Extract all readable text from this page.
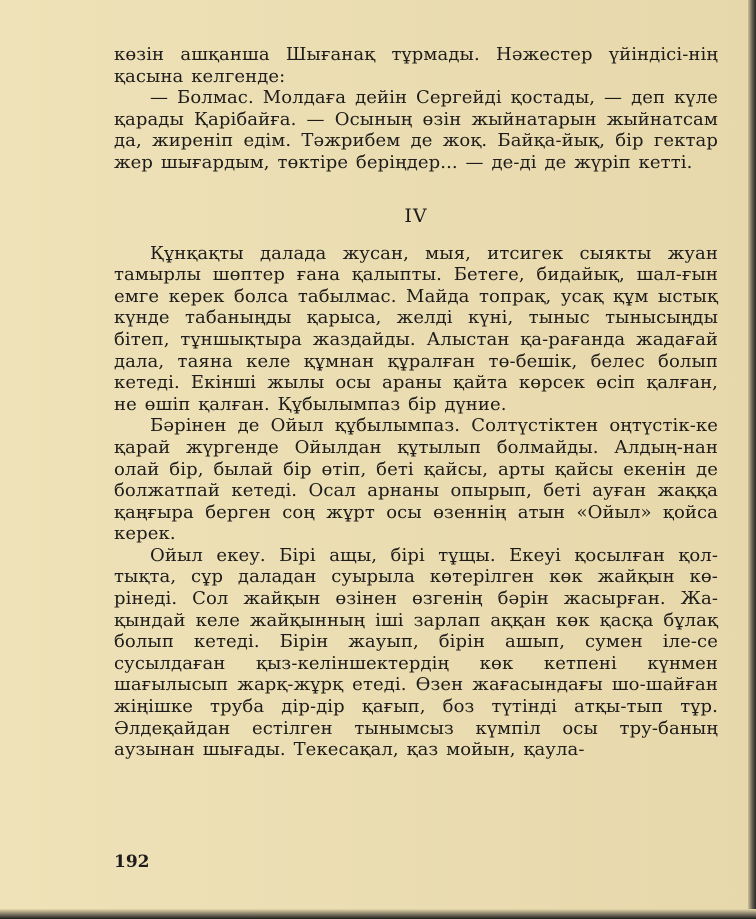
көзін ашқанша Шығанақ тұрмады. Нәжестер үйіндісі-нің қасына келгенде:

— Болмас. Молдаға дейін Сергейді қостады, — деп күле қарады Қарібайға. — Осының өзін жыйнатарын жыйнатсам да, жиреніп едім. Тәжрибем де жоқ. Байқа-йық, бір гектар жер шығардым, төктіре беріңдер... — де-ді де жүріп кетті.

IV

Құнқақты далада жусан, мыя, итсигек сыякты жуан тамырлы шөптер ғана қалыпты. Бетеге, бидайық, шал-ғын емге керек болса табылмас. Майда топрақ, усақ құм ыстық күнде табаныңды қарыса, желді күні, тыныс тынысыңды бітеп, тұншықтыра жаздайды. Алыстан қа-рағанда жадағай дала, таяна келе құмнан құралған тө-бешік, белес болып кетеді. Екінші жылы осы араны қайта көрсек өсіп қалған, не өшіп қалған. Құбылымпаз бір дүние.

Бәрінен де Ойыл құбылымпаз. Солтүстіктен оңтүстік-ке қарай жүргенде Ойылдан құтылып болмайды. Алдың-нан олай бір, былай бір өтіп, беті қайсы, арты қайсы екенін де болжатпай кетеді. Осал арнаны опырып, беті ауған жаққа қаңғыра берген соң жұрт осы өзеннің атын «Ойыл» қойса керек.

Ойыл екеу. Бірі ащы, бірі тұщы. Екеуі қосылған қол-тықта, сұр даладан суырыла көтерілген көк жайқын кө-рінеді. Сол жайқын өзінен өзгенің бәрін жасырған. Жа-қындай келе жайқынның іші зарлап аққан көк қасқа бұлақ болып кетеді. Бірін жауып, бірін ашып, сумен іле-се сусылдаған қыз-келіншектердің көк кетпені күнмен шағылысып жарқ-жұрқ етеді. Өзен жағасындағы шо-шайған жіңішке труба дір-дір қағып, боз түтінді атқы-тып тұр. Әлдеқайдан естілген тынымсыз күмпіл осы тру-баның аузынан шығады. Текесақал, қаз мойын, қаула-

192
